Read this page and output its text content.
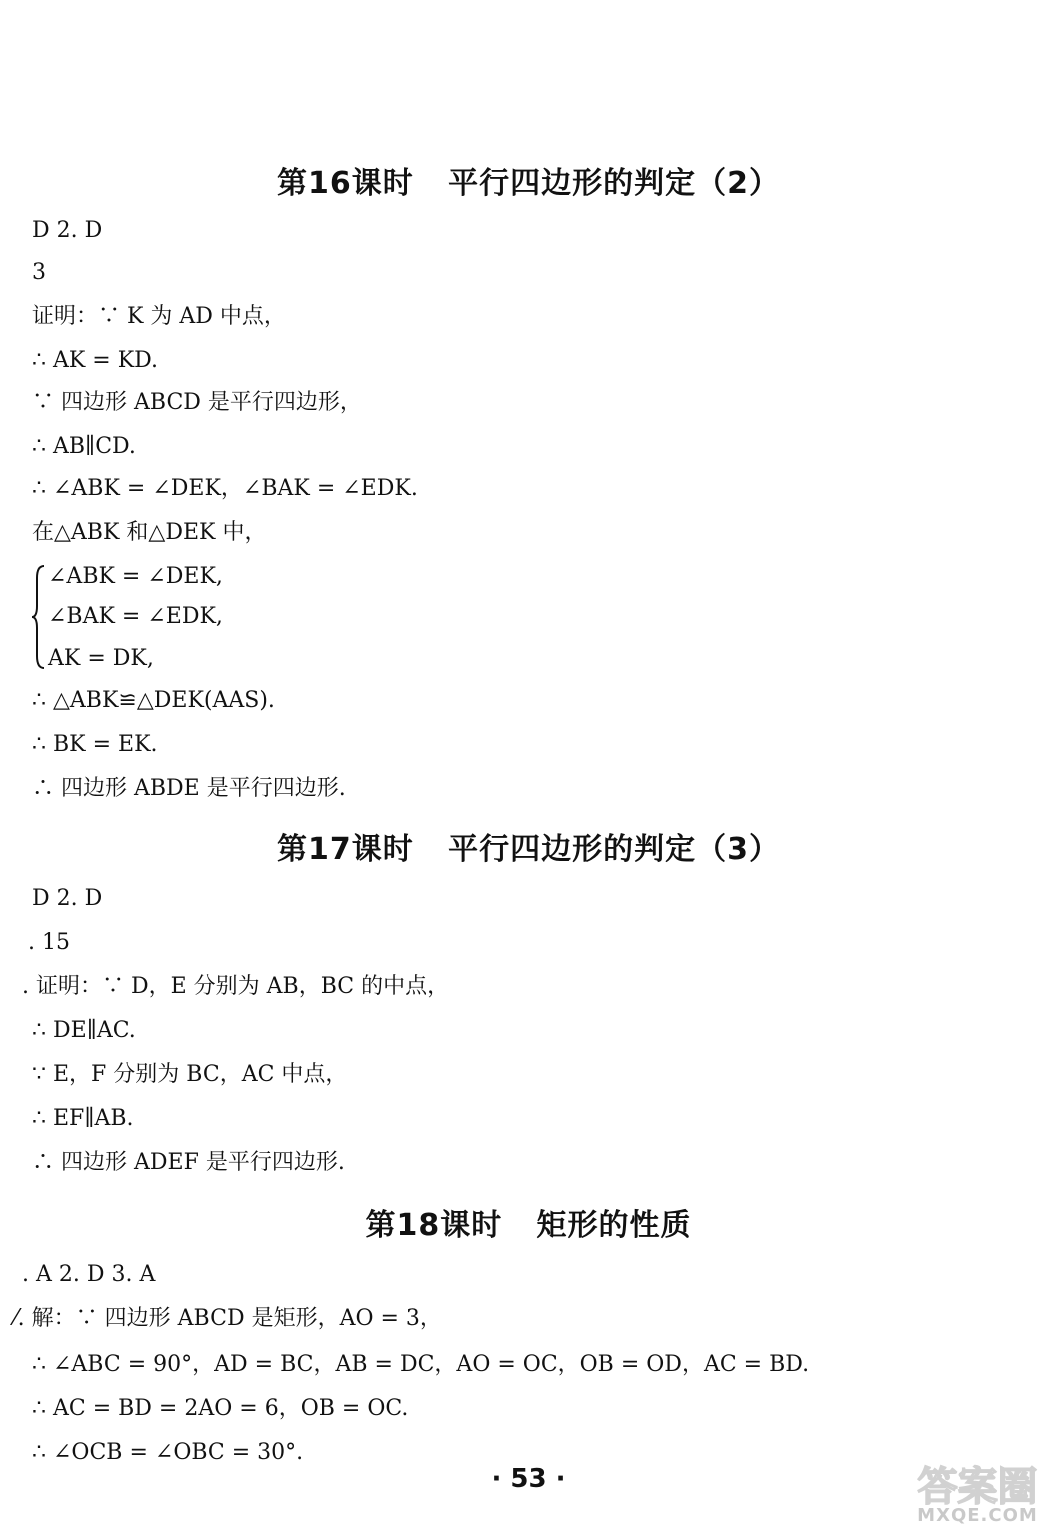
第16课时   平行四边形的判定（2）
D 2. D
3
证明：∵ K 为 AD 中点，
∴ AK = KD.
∵ 四边形 ABCD 是平行四边形，
∴ AB∥CD.
∴ ∠ABK = ∠DEK，∠BAK = ∠EDK.
在△ABK 和△DEK 中，
∠ABK = ∠DEK,
∠BAK = ∠EDK,
AK = DK,
∴ △ABK≌△DEK(AAS).
∴ BK = EK.
∴ 四边形 ABDE 是平行四边形.
第17课时   平行四边形的判定（3）
D 2. D
. 15
. 证明：∵ D，E 分别为 AB，BC 的中点，
∴ DE∥AC.
∵ E，F 分别为 BC，AC 中点，
∴ EF∥AB.
∴ 四边形 ADEF 是平行四边形.
第18课时   矩形的性质
. A 2. D 3. A
⁄. 解：∵ 四边形 ABCD 是矩形，AO = 3，
∴ ∠ABC = 90°，AD = BC，AB = DC，AO = OC，OB = OD，AC = BD.
∴ AC = BD = 2AO = 6，OB = OC.
∴ ∠OCB = ∠OBC = 30°.
· 53 ·	答案圈
MXQE.COM
